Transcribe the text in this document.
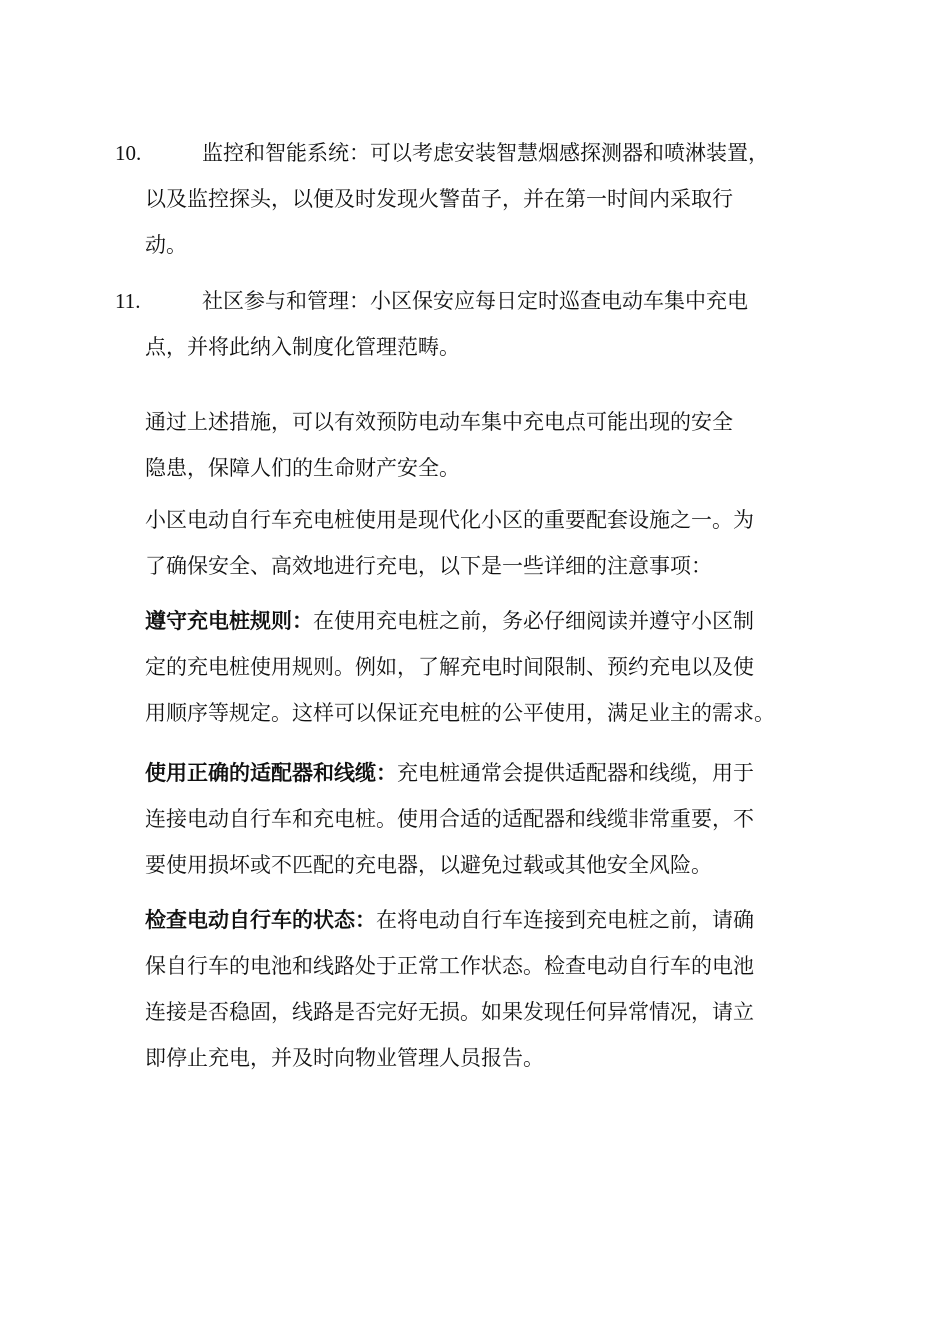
10.	监控和智能系统：可以考虑安装智慧烟感探测器和喷淋装置，
以及监控探头，以便及时发现火警苗子，并在第一时间内采取行
动。
11.	社区参与和管理：小区保安应每日定时巡查电动车集中充电
点，并将此纳入制度化管理范畴。
通过上述措施，可以有效预防电动车集中充电点可能出现的安全
隐患，保障人们的生命财产安全。
小区电动自行车充电桩使用是现代化小区的重要配套设施之一。为
了确保安全、高效地进行充电，以下是一些详细的注意事项：
遵守充电桩规则：在使用充电桩之前，务必仔细阅读并遵守小区制
定的充电桩使用规则。例如，了解充电时间限制、预约充电以及使
用顺序等规定。这样可以保证充电桩的公平使用，满足业主的需求。
使用正确的适配器和线缆：充电桩通常会提供适配器和线缆，用于
连接电动自行车和充电桩。使用合适的适配器和线缆非常重要，不
要使用损坏或不匹配的充电器，以避免过载或其他安全风险。
检查电动自行车的状态：在将电动自行车连接到充电桩之前，请确
保自行车的电池和线路处于正常工作状态。检查电动自行车的电池
连接是否稳固，线路是否完好无损。如果发现任何异常情况，请立
即停止充电，并及时向物业管理人员报告。
